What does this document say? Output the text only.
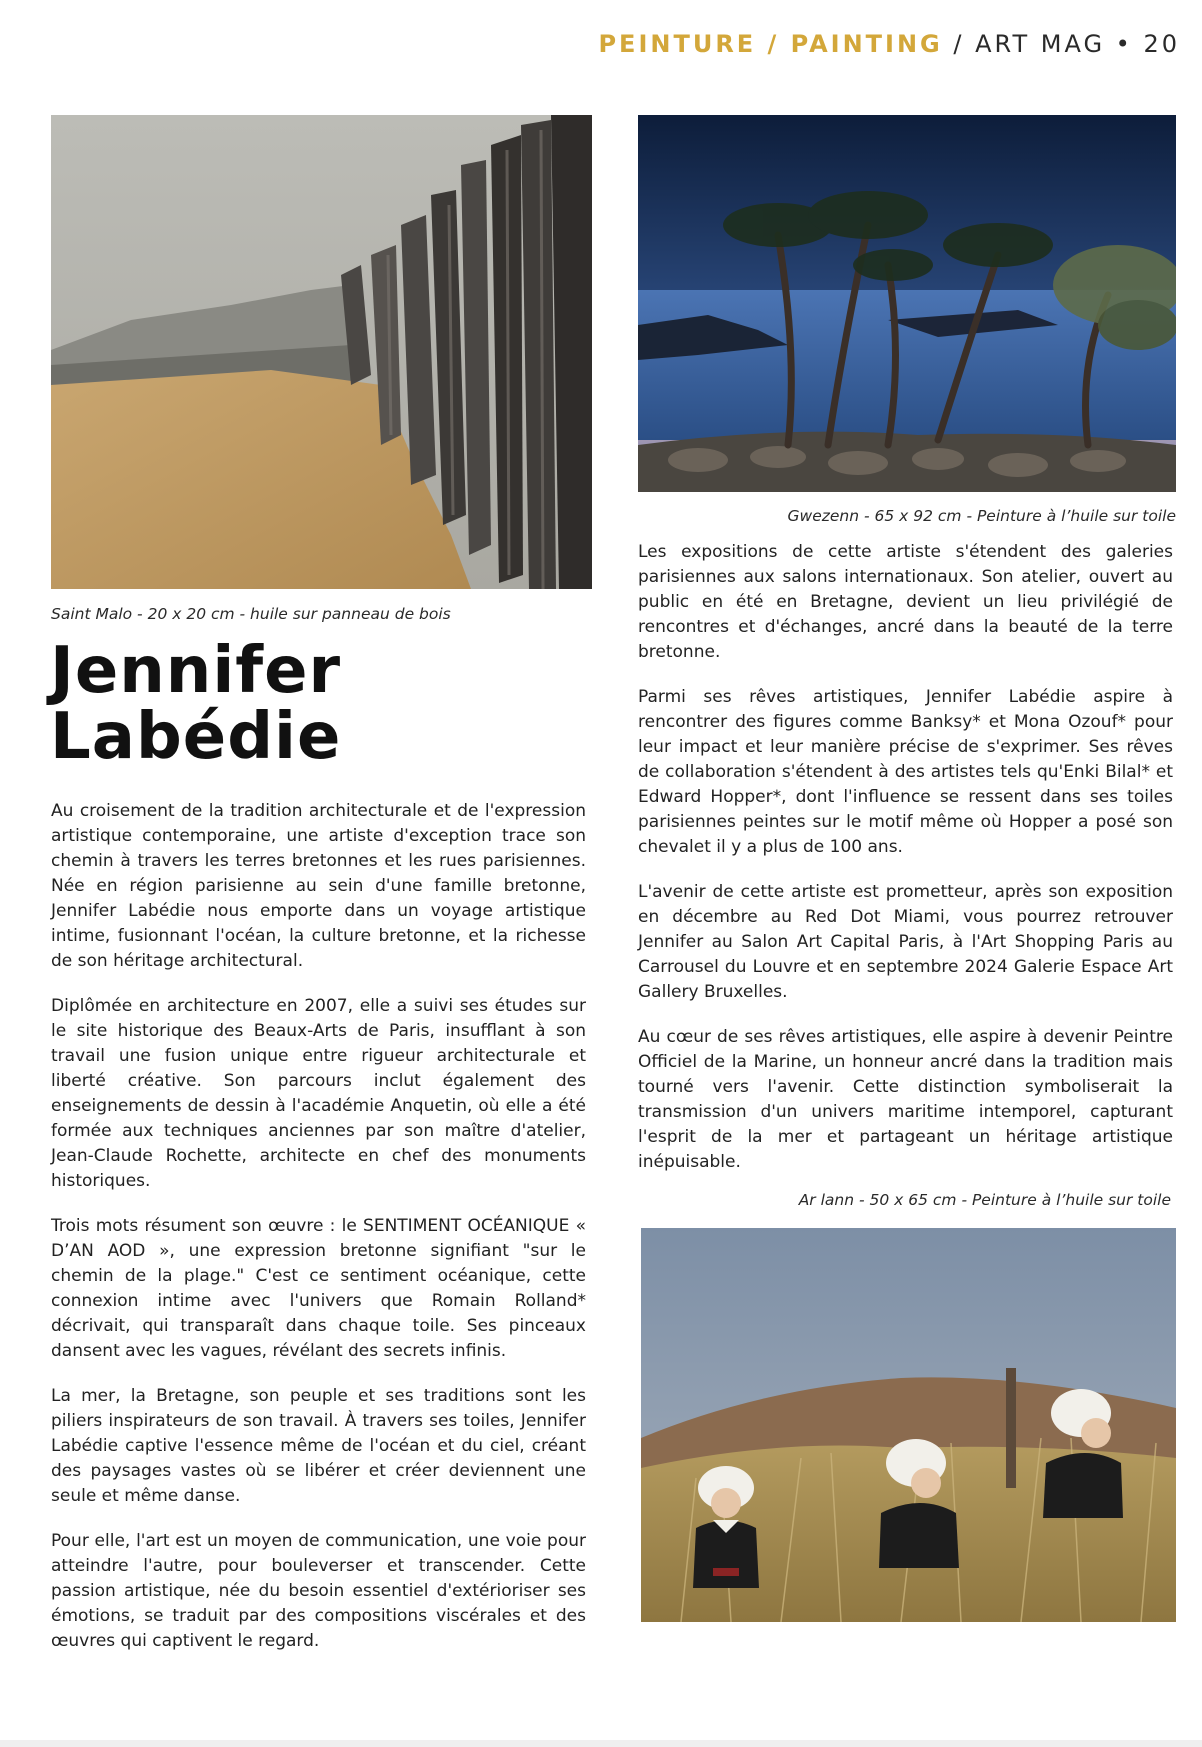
PEINTURE / PAINTING / ART MAG • 20
Saint Malo - 20 x 20 cm - huile sur panneau de bois
Gwezenn - 65 x 92 cm - Peinture à l’huile sur toile
Jennifer
Labédie

Au croisement de la tradition architecturale et de l'expression artistique contemporaine, une artiste d'exception trace son chemin à travers les terres bretonnes et les rues parisiennes. Née en région parisienne au sein d'une famille bretonne, Jennifer Labédie nous emporte dans un voyage artistique intime, fusionnant l'océan, la culture bretonne, et la richesse de son héritage architectural.

Diplômée en architecture en 2007, elle a suivi ses études sur le site historique des Beaux-Arts de Paris, insufflant à son travail une fusion unique entre rigueur architecturale et liberté créative. Son parcours inclut également des enseignements de dessin à l'académie Anquetin, où elle a été formée aux techniques anciennes par son maître d'atelier, Jean-Claude Rochette, architecte en chef des monuments historiques.

Trois mots résument son œuvre : le SENTIMENT OCÉANIQUE « D’AN AOD », une expression bretonne signifiant "sur le chemin de la plage." C'est ce sentiment océanique, cette connexion intime avec l'univers que Romain Rolland* décrivait, qui transparaît dans chaque toile. Ses pinceaux dansent avec les vagues, révélant des secrets infinis.

La mer, la Bretagne, son peuple et ses traditions sont les piliers inspirateurs de son travail. À travers ses toiles, Jennifer Labédie captive l'essence même de l'océan et du ciel, créant des paysages vastes où se libérer et créer deviennent une seule et même danse.

Pour elle, l'art est un moyen de communication, une voie pour atteindre l'autre, pour bouleverser et transcender. Cette passion artistique, née du besoin essentiel d'extérioriser ses émotions, se traduit par des compositions viscérales et des œuvres qui captivent le regard.

Les expositions de cette artiste s'étendent des galeries parisiennes aux salons internationaux. Son atelier, ouvert au public en été en Bretagne, devient un lieu privilégié de rencontres et d'échanges, ancré dans la beauté de la terre bretonne.

Parmi ses rêves artistiques, Jennifer Labédie aspire à rencontrer des figures comme Banksy* et Mona Ozouf* pour leur impact et leur manière précise de s'exprimer. Ses rêves de collaboration s'étendent à des artistes tels qu'Enki Bilal* et Edward Hopper*, dont l'influence se ressent dans ses toiles parisiennes peintes sur le motif même où Hopper a posé son chevalet il y a plus de 100 ans.

L'avenir de cette artiste est prometteur, après son exposition en décembre au Red Dot Miami, vous pourrez retrouver Jennifer au Salon Art Capital Paris, à l'Art Shopping Paris au Carrousel du Louvre et en septembre 2024 Galerie Espace Art Gallery Bruxelles.

Au cœur de ses rêves artistiques, elle aspire à devenir Peintre Officiel de la Marine, un honneur ancré dans la tradition mais tourné vers l'avenir. Cette distinction symboliserait la transmission d'un univers maritime intemporel, capturant l'esprit de la mer et partageant un héritage artistique inépuisable.

Ar lann - 50 x 65 cm - Peinture à l’huile sur toile
